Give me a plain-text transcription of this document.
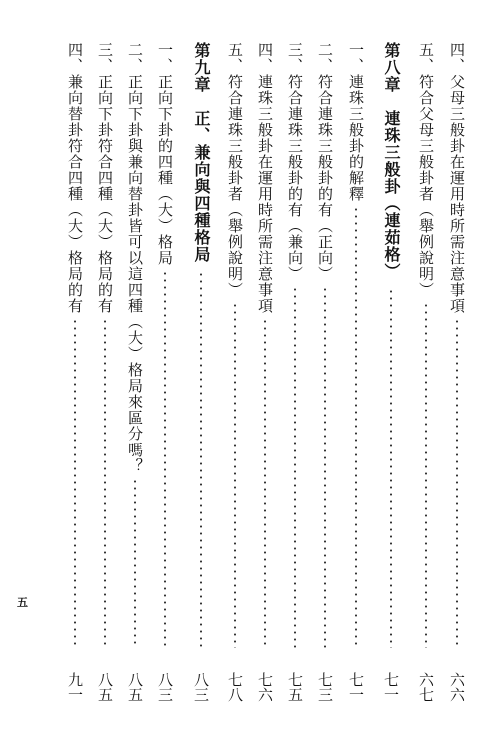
四、父母三般卦在運用時所需注意事項
六六
五、符合父母三般卦者（舉例說明）
六七
第八章　連珠三般卦（連茹格）
七一
一、連珠三般卦的解釋
七一
二、符合連珠三般卦的有（正向）
七三
三、符合連珠三般卦的有（兼向）
七五
四、連珠三般卦在運用時所需注意事項
七六
五、符合連珠三般卦者（舉例說明）
七八
第九章　正、兼向與四種格局
八三
一、正向下卦的四種（大）格局
八三
二、正向下卦與兼向替卦皆可以這四種（大）格局來區分嗎？
八五
三、正向下卦符合四種（大）格局的有
八五
四、兼向替卦符合四種（大）格局的有
九一
五
